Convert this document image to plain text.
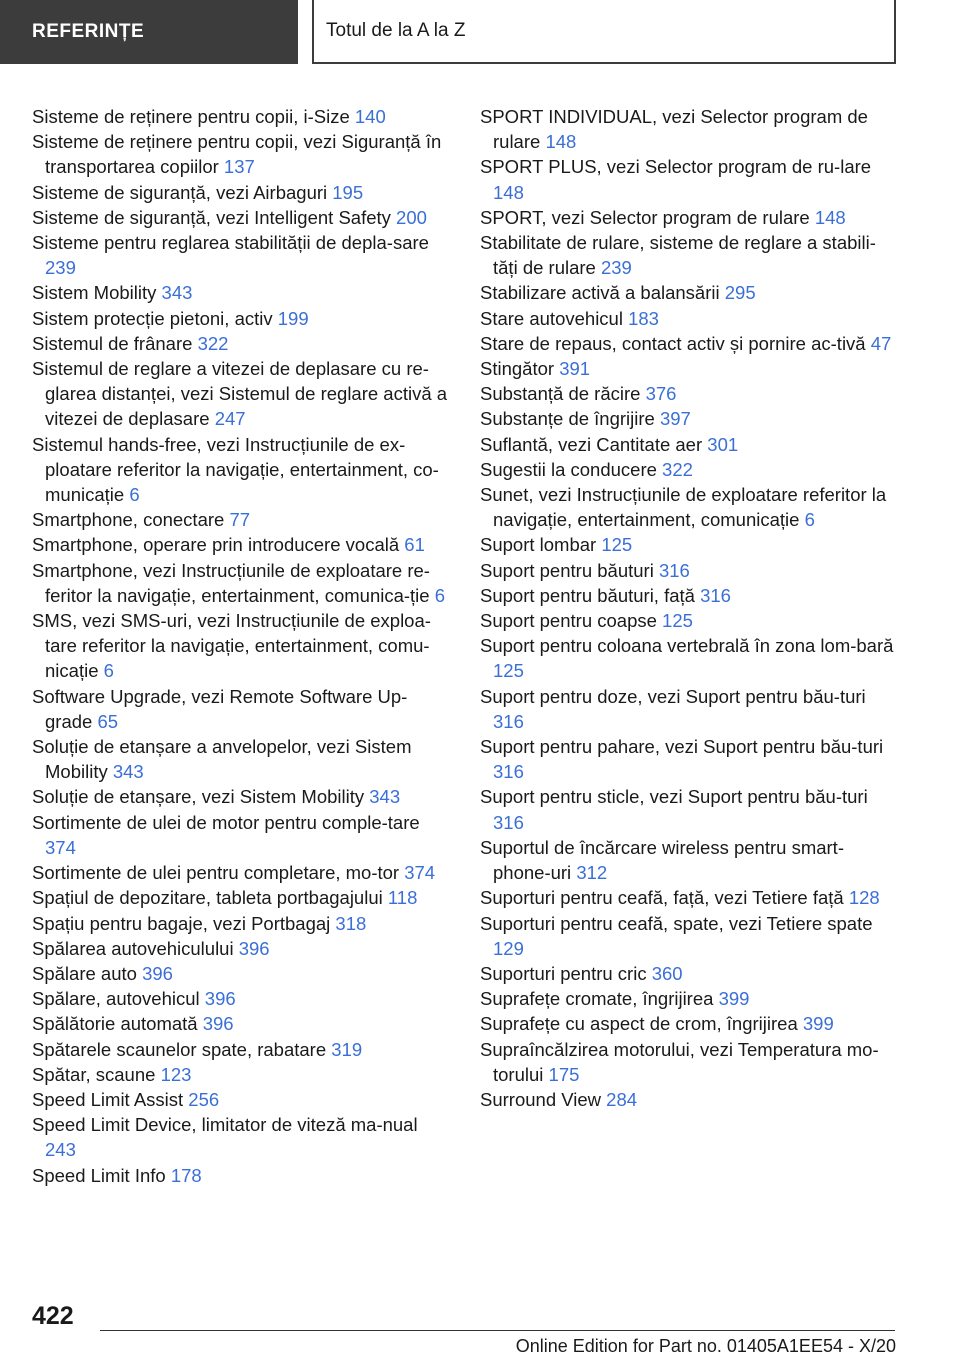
REFERINȚE	Totul de la A la Z
Sisteme de reținere pentru copii, i-Size 140
Sisteme de reținere pentru copii, vezi Siguranță în transportarea copiilor 137
Sisteme de siguranță, vezi Airbaguri 195
Sisteme de siguranță, vezi Intelligent Safety 200
Sisteme pentru reglarea stabilității de depla-sare 239
Sistem Mobility 343
Sistem protecție pietoni, activ 199
Sistemul de frânare 322
Sistemul de reglare a vitezei de deplasare cu re-glarea distanței, vezi Sistemul de reglare activă a vitezei de deplasare 247
Sistemul hands-free, vezi Instrucțiunile de ex-ploatare referitor la navigație, entertainment, co-municație 6
Smartphone, conectare 77
Smartphone, operare prin introducere vocală 61
Smartphone, vezi Instrucțiunile de exploatare re-feritor la navigație, entertainment, comunica-ție 6
SMS, vezi SMS-uri, vezi Instrucțiunile de exploa-tare referitor la navigație, entertainment, comu-nicație 6
Software Upgrade, vezi Remote Software Up-grade 65
Soluție de etanșare a anvelopelor, vezi Sistem Mobility 343
Soluție de etanșare, vezi Sistem Mobility 343
Sortimente de ulei de motor pentru comple-tare 374
Sortimente de ulei pentru completare, mo-tor 374
Spațiul de depozitare, tableta portbagajului 118
Spațiu pentru bagaje, vezi Portbagaj 318
Spălarea autovehiculului 396
Spălare auto 396
Spălare, autovehicul 396
Spălătorie automată 396
Spătarele scaunelor spate, rabatare 319
Spătar, scaune 123
Speed Limit Assist 256
Speed Limit Device, limitator de viteză ma-nual 243
Speed Limit Info 178
SPORT INDIVIDUAL, vezi Selector program de rulare 148
SPORT PLUS, vezi Selector program de ru-lare 148
SPORT, vezi Selector program de rulare 148
Stabilitate de rulare, sisteme de reglare a stabili-tăți de rulare 239
Stabilizare activă a balansării 295
Stare autovehicul 183
Stare de repaus, contact activ și pornire ac-tivă 47
Stingător 391
Substanță de răcire 376
Substanțe de îngrijire 397
Suflantă, vezi Cantitate aer 301
Sugestii la conducere 322
Sunet, vezi Instrucțiunile de exploatare referitor la navigație, entertainment, comunicație 6
Suport lombar 125
Suport pentru băuturi 316
Suport pentru băuturi, față 316
Suport pentru coapse 125
Suport pentru coloana vertebrală în zona lom-bară 125
Suport pentru doze, vezi Suport pentru bău-turi 316
Suport pentru pahare, vezi Suport pentru bău-turi 316
Suport pentru sticle, vezi Suport pentru bău-turi 316
Suportul de încărcare wireless pentru smart-phone-uri 312
Suporturi pentru ceafă, față, vezi Tetiere față 128
Suporturi pentru ceafă, spate, vezi Tetiere spate 129
Suporturi pentru cric 360
Suprafețe cromate, îngrijirea 399
Suprafețe cu aspect de crom, îngrijirea 399
Supraîncălzirea motorului, vezi Temperatura mo-torului 175
Surround View 284
422
Online Edition for Part no. 01405A1EE54 - X/20
